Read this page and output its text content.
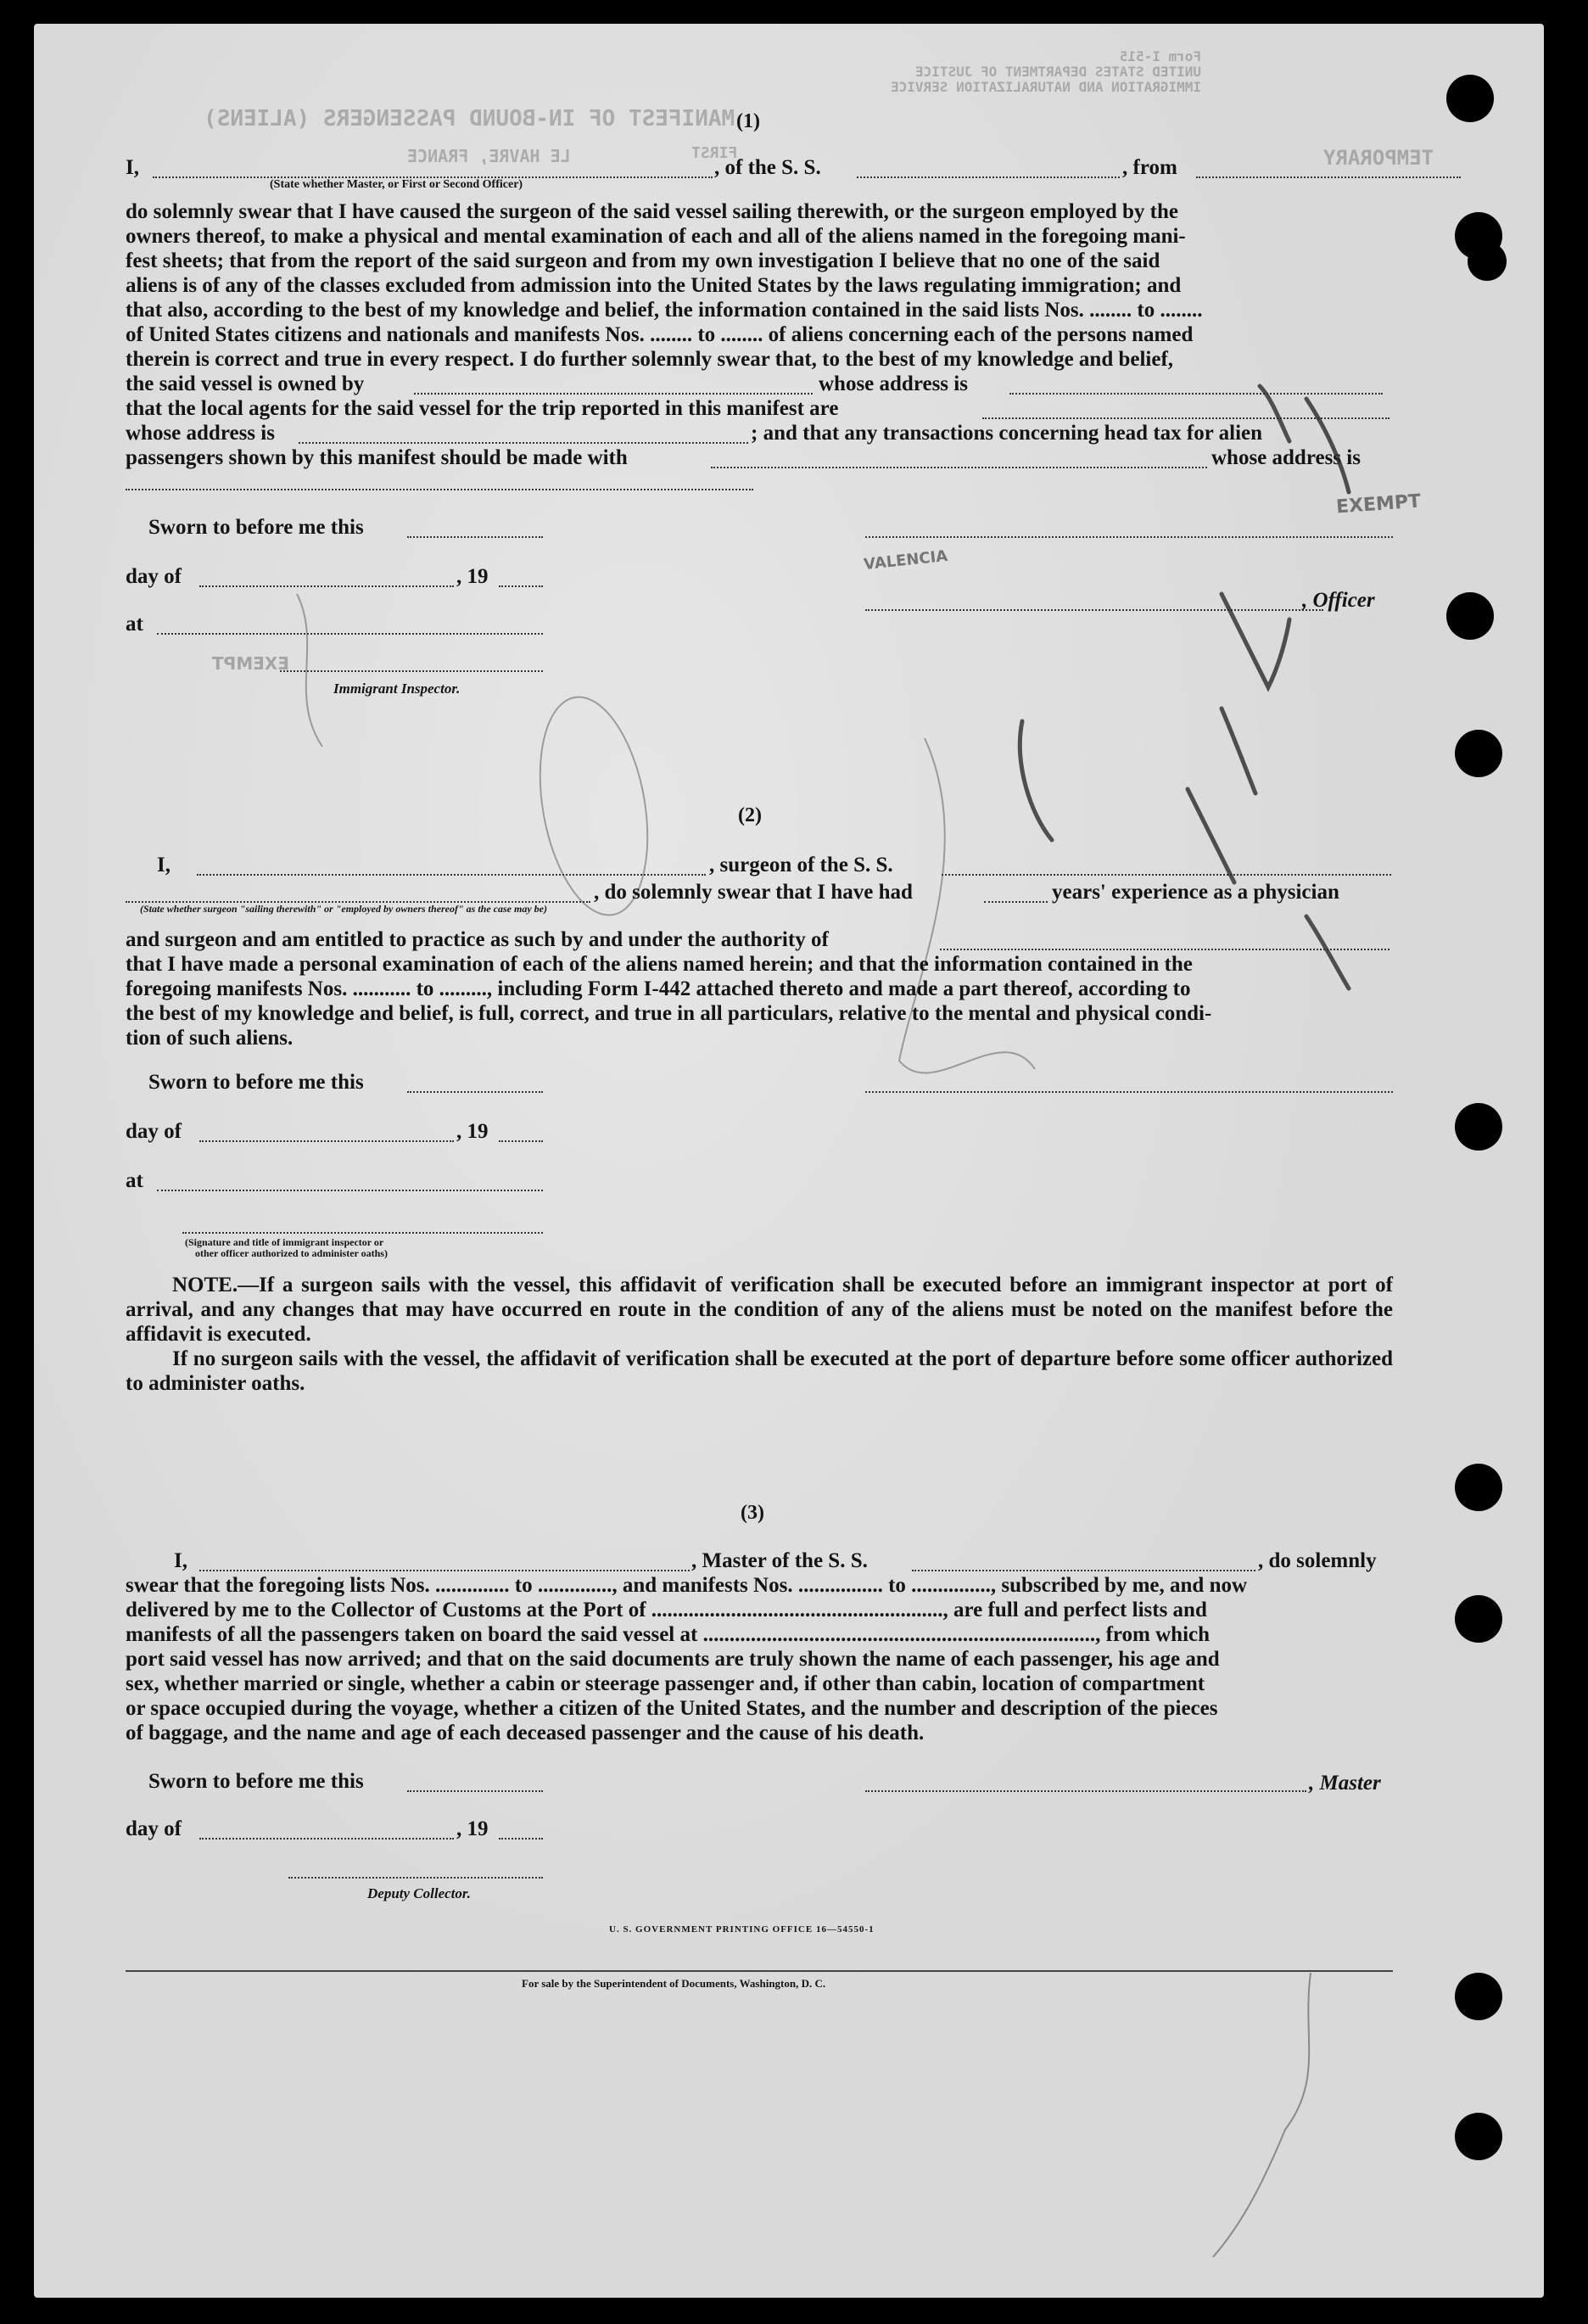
Form I-515
UNITED STATES DEPARTMENT OF JUSTICE
IMMIGRATION AND NATURALIZATION SERVICE
MANIFEST OF IN-BOUND PASSENGERS (ALIENS)
LE HAVRE, FRANCE	FIRST	TEMPORARY
(1)
I,	, of the S. S.	, from
(State whether Master, or First or Second Officer)
do solemnly swear that I have caused the surgeon of the said vessel sailing therewith, or the surgeon employed by the
owners thereof, to make a physical and mental examination of each and all of the aliens named in the foregoing mani-
fest sheets; that from the report of the said surgeon and from my own investigation I believe that no one of the said
aliens is of any of the classes excluded from admission into the United States by the laws regulating immigration; and
that also, according to the best of my knowledge and belief, the information contained in the said lists Nos. ........ to ........
of United States citizens and nationals and manifests Nos. ........ to ........ of aliens concerning each of the persons named
therein is correct and true in every respect. I do further solemnly swear that, to the best of my knowledge and belief,
the said vessel is owned by	whose address is
that the local agents for the said vessel for the trip reported in this manifest are
whose address is	; and that any transactions concerning head tax for alien
passengers shown by this manifest should be made with	whose address is
Sworn to before me this
day of	, 19
at
, Officer
Immigrant Inspector.
EXEMPT
EXEMPT
VALENCIA
(2)
I,	, surgeon of the S. S.
, do solemnly swear that I have had	years' experience as a physician
(State whether surgeon "sailing therewith" or "employed by owners thereof" as the case may be)
and surgeon and am entitled to practice as such by and under the authority of
that I have made a personal examination of each of the aliens named herein; and that the information contained in the
foregoing manifests Nos. ........... to ........., including Form I-442 attached thereto and made a part thereof, according to
the best of my knowledge and belief, is full, correct, and true in all particulars, relative to the mental and physical condi-
tion of such aliens.
Sworn to before me this
day of	, 19
at
(Signature and title of immigrant inspector or
other officer authorized to administer oaths)
NOTE.—If a surgeon sails with the vessel, this affidavit of verification shall be executed before an immigrant inspector at port of arrival, and any changes that may have occurred en route in the condition of any of the aliens must be noted on the manifest before the affidavit is executed.
If no surgeon sails with the vessel, the affidavit of verification shall be executed at the port of departure before some officer authorized to administer oaths.
(3)
I,	, Master of the S. S.	, do solemnly
swear that the foregoing lists Nos. .............. to .............., and manifests Nos. ................ to ..............., subscribed by me, and now
delivered by me to the Collector of Customs at the Port of ......................................................., are full and perfect lists and
manifests of all the passengers taken on board the said vessel at .........................................................................., from which
port said vessel has now arrived; and that on the said documents are truly shown the name of each passenger, his age and
sex, whether married or single, whether a cabin or steerage passenger and, if other than cabin, location of compartment
or space occupied during the voyage, whether a citizen of the United States, and the number and description of the pieces
of baggage, and the name and age of each deceased passenger and the cause of his death.
Sworn to before me this	, Master
day of	, 19
Deputy Collector.
U. S. GOVERNMENT PRINTING OFFICE 16—54550-1
For sale by the Superintendent of Documents, Washington, D. C.
